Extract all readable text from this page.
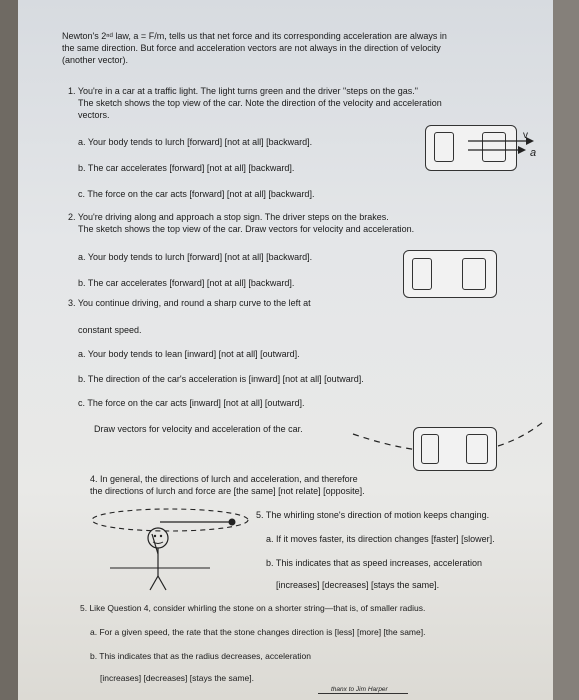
Newton's 2ⁿᵈ law, a = F/m, tells us that net force and its corresponding acceleration are always in
the same direction. But force and acceleration vectors are not always in the direction of velocity
(another vector).
1. You're in a car at a traffic light. The light turns green and the driver "steps on the gas."
The sketch shows the top view of the car. Note the direction of the velocity and acceleration
vectors.
a. Your body tends to lurch [forward] [not at all] [backward].
b. The car accelerates [forward] [not at all] [backward].
c. The force on the car acts [forward] [not at all] [backward].
v
a
2. You're driving along and approach a stop sign. The driver steps on the brakes.
The sketch shows the top view of the car. Draw vectors for velocity and acceleration.
a. Your body tends to lurch [forward] [not at all] [backward].
b. The car accelerates [forward] [not at all] [backward].
3. You continue driving, and round a sharp curve to the left at
constant speed.
a. Your body tends to lean [inward] [not at all] [outward].
b. The direction of the car's acceleration is [inward] [not at all] [outward].
c. The force on the car acts [inward] [not at all] [outward].
Draw vectors for velocity and acceleration of the car.
4. In general, the directions of lurch and acceleration, and therefore
the directions of lurch and force are [the same] [not relate] [opposite].
5. The whirling stone's direction of motion keeps changing.
a. If it moves faster, its direction changes [faster] [slower].
b. This indicates that as speed increases, acceleration
[increases] [decreases] [stays the same].
5. Like Question 4, consider whirling the stone on a shorter string—that is, of smaller radius.
a. For a given speed, the rate that the stone changes direction is [less] [more] [the same].
b. This indicates that as the radius decreases, acceleration
[increases] [decreases] [stays the same].
thanx to Jim Harper
